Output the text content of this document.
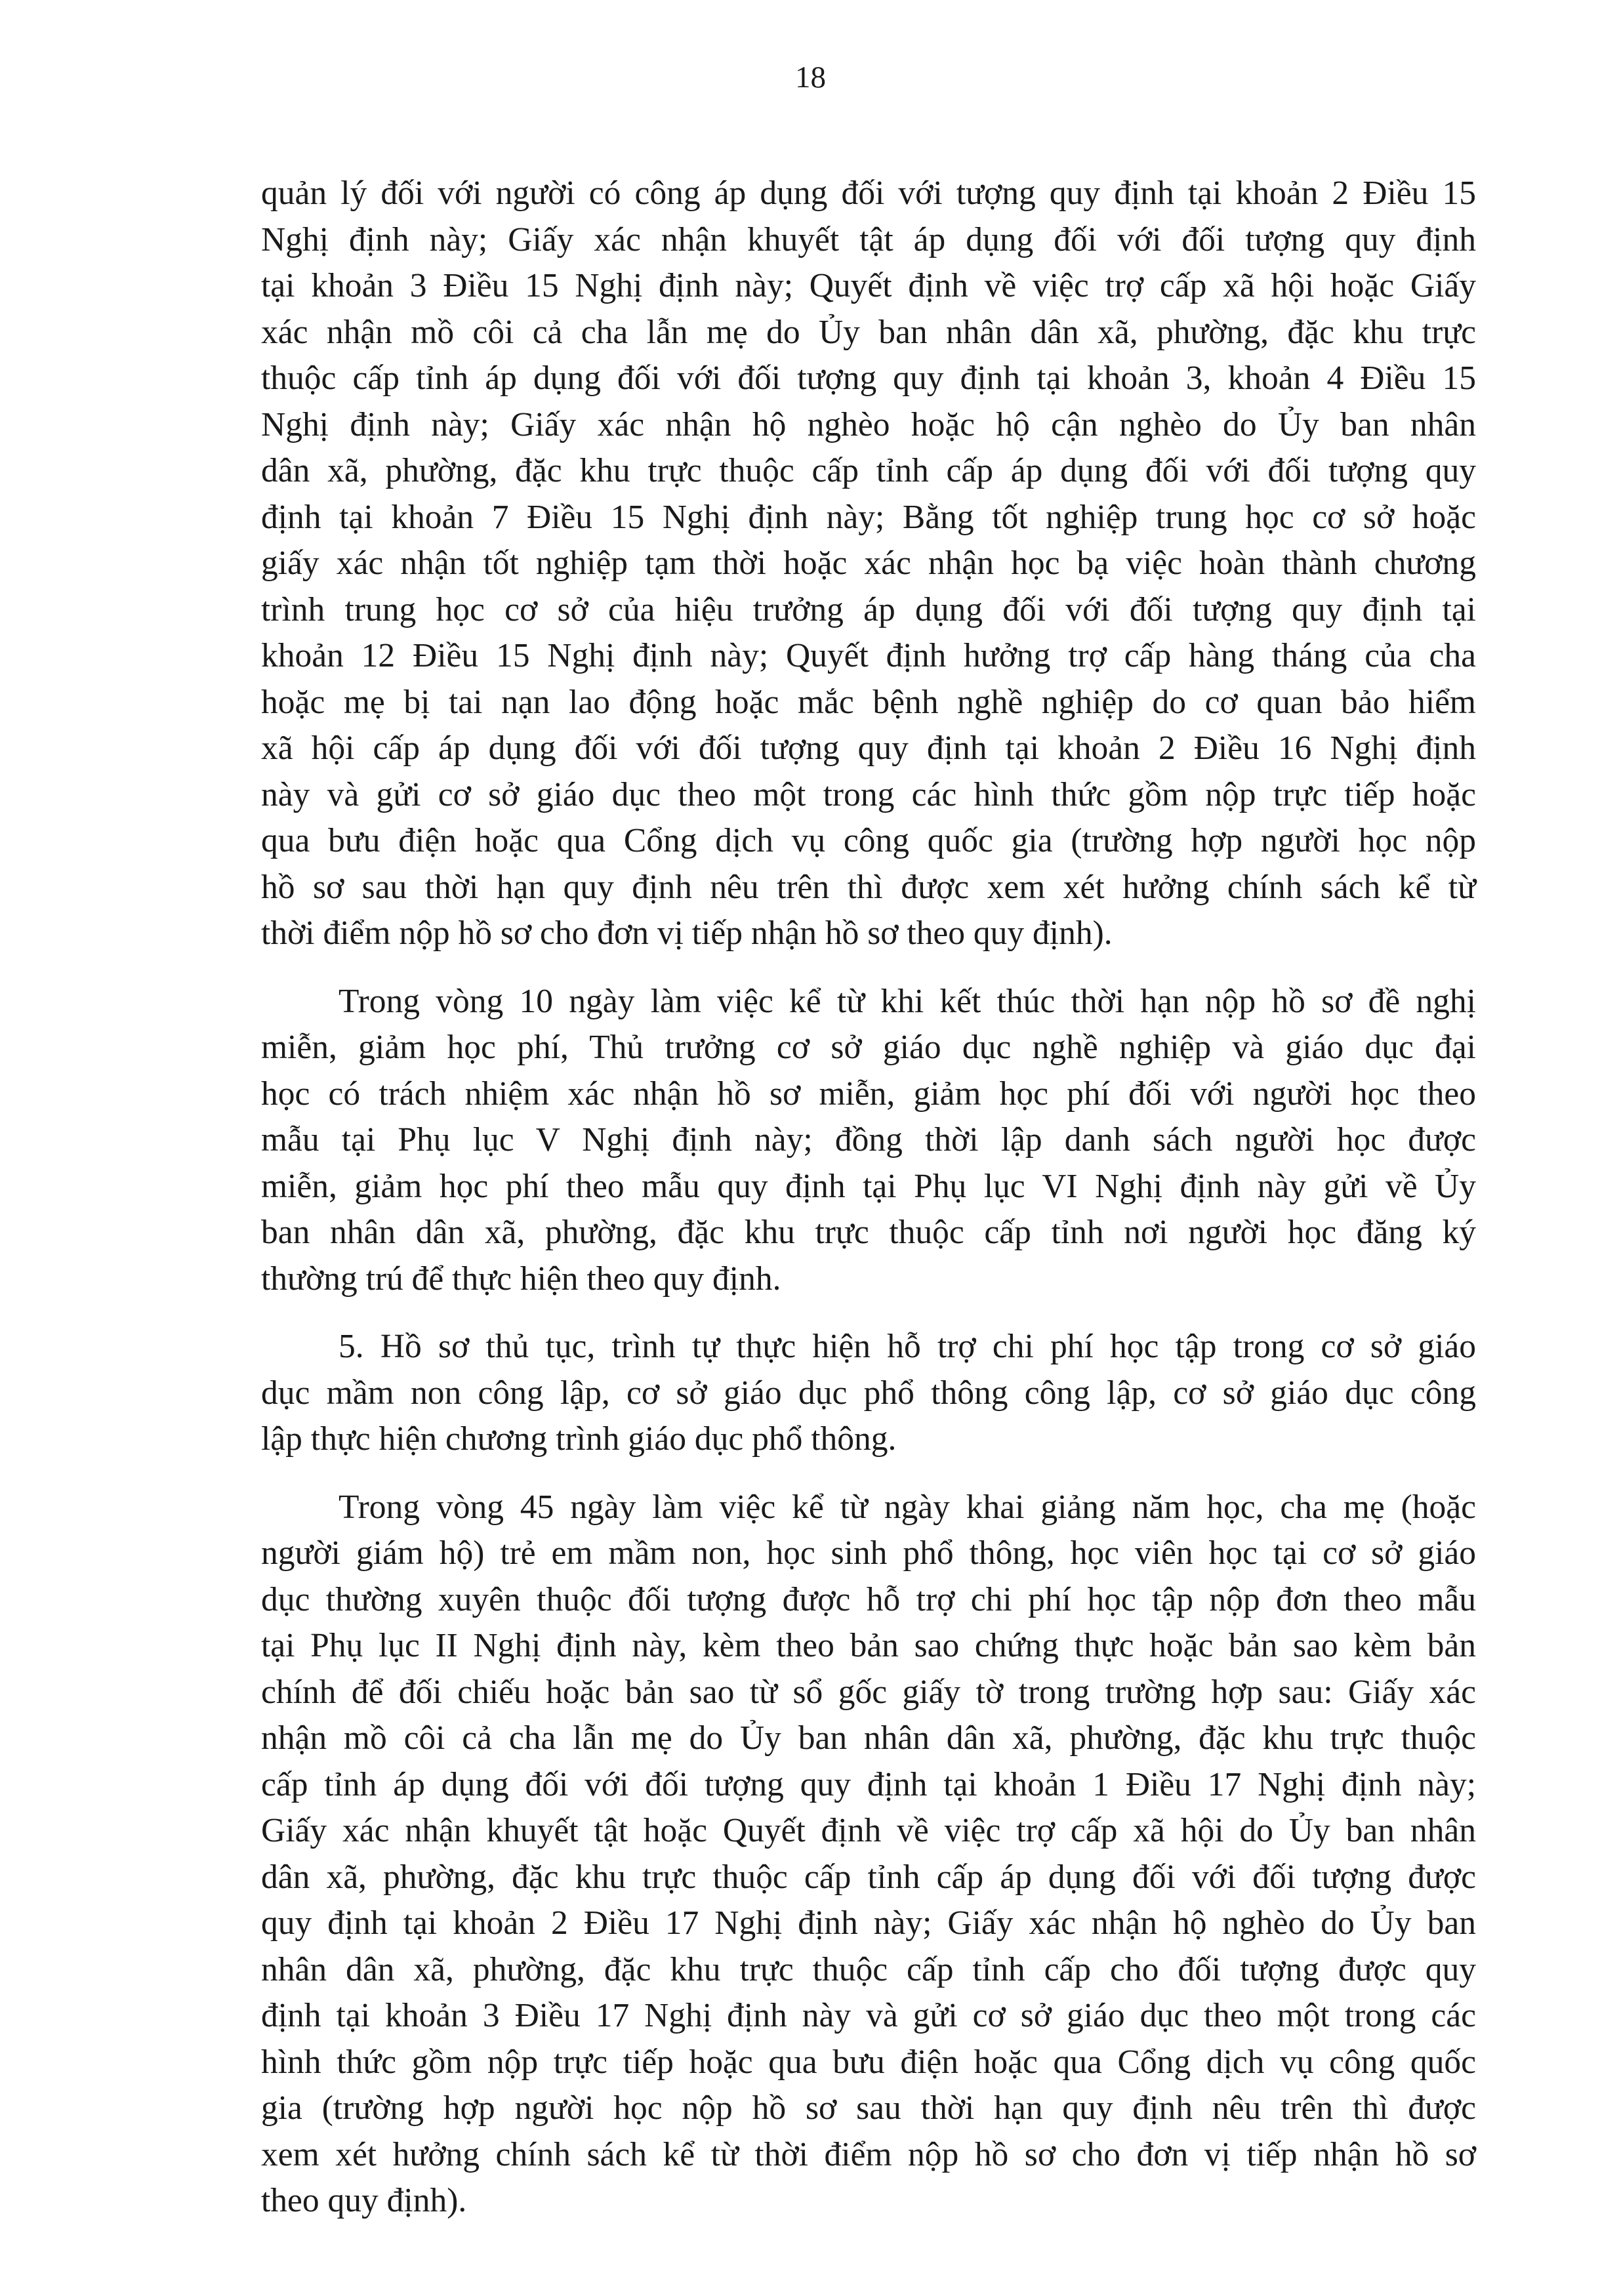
18
quản lý đối với người có công áp dụng đối với tượng quy định tại khoản 2 Điều 15
Nghị định này; Giấy xác nhận khuyết tật áp dụng đối với đối tượng quy định
tại khoản 3 Điều 15 Nghị định này; Quyết định về việc trợ cấp xã hội hoặc Giấy
xác nhận mồ côi cả cha lẫn mẹ do Ủy ban nhân dân xã, phường, đặc khu trực
thuộc cấp tỉnh áp dụng đối với đối tượng quy định tại khoản 3, khoản 4 Điều 15
Nghị định này; Giấy xác nhận hộ nghèo hoặc hộ cận nghèo do Ủy ban nhân
dân xã, phường, đặc khu trực thuộc cấp tỉnh cấp áp dụng đối với đối tượng quy
định tại khoản 7 Điều 15 Nghị định này; Bằng tốt nghiệp trung học cơ sở hoặc
giấy xác nhận tốt nghiệp tạm thời hoặc xác nhận học bạ việc hoàn thành chương
trình trung học cơ sở của hiệu trưởng áp dụng đối với đối tượng quy định tại
khoản 12 Điều 15 Nghị định này; Quyết định hưởng trợ cấp hàng tháng của cha
hoặc mẹ bị tai nạn lao động hoặc mắc bệnh nghề nghiệp do cơ quan bảo hiểm
xã hội cấp áp dụng đối với đối tượng quy định tại khoản 2 Điều 16 Nghị định
này và gửi cơ sở giáo dục theo một trong các hình thức gồm nộp trực tiếp hoặc
qua bưu điện hoặc qua Cổng dịch vụ công quốc gia (trường hợp người học nộp
hồ sơ sau thời hạn quy định nêu trên thì được xem xét hưởng chính sách kể từ
thời điểm nộp hồ sơ cho đơn vị tiếp nhận hồ sơ theo quy định).
Trong vòng 10 ngày làm việc kể từ khi kết thúc thời hạn nộp hồ sơ đề nghị
miễn, giảm học phí, Thủ trưởng cơ sở giáo dục nghề nghiệp và giáo dục đại
học có trách nhiệm xác nhận hồ sơ miễn, giảm học phí đối với người học theo
mẫu tại Phụ lục V Nghị định này; đồng thời lập danh sách người học được
miễn, giảm học phí theo mẫu quy định tại Phụ lục VI Nghị định này gửi về Ủy
ban nhân dân xã, phường, đặc khu trực thuộc cấp tỉnh nơi người học đăng ký
thường trú để thực hiện theo quy định.
5. Hồ sơ thủ tục, trình tự thực hiện hỗ trợ chi phí học tập trong cơ sở giáo
dục mầm non công lập, cơ sở giáo dục phổ thông công lập, cơ sở giáo dục công
lập thực hiện chương trình giáo dục phổ thông.
Trong vòng 45 ngày làm việc kể từ ngày khai giảng năm học, cha mẹ (hoặc
người giám hộ) trẻ em mầm non, học sinh phổ thông, học viên học tại cơ sở giáo
dục thường xuyên thuộc đối tượng được hỗ trợ chi phí học tập nộp đơn theo mẫu
tại Phụ lục II Nghị định này, kèm theo bản sao chứng thực hoặc bản sao kèm bản
chính để đối chiếu hoặc bản sao từ sổ gốc giấy tờ trong trường hợp sau: Giấy xác
nhận mồ côi cả cha lẫn mẹ do Ủy ban nhân dân xã, phường, đặc khu trực thuộc
cấp tỉnh áp dụng đối với đối tượng quy định tại khoản 1 Điều 17 Nghị định này;
Giấy xác nhận khuyết tật hoặc Quyết định về việc trợ cấp xã hội do Ủy ban nhân
dân xã, phường, đặc khu trực thuộc cấp tỉnh cấp áp dụng đối với đối tượng được
quy định tại khoản 2 Điều 17 Nghị định này; Giấy xác nhận hộ nghèo do Ủy ban
nhân dân xã, phường, đặc khu trực thuộc cấp tỉnh cấp cho đối tượng được quy
định tại khoản 3 Điều 17 Nghị định này và gửi cơ sở giáo dục theo một trong các
hình thức gồm nộp trực tiếp hoặc qua bưu điện hoặc qua Cổng dịch vụ công quốc
gia (trường hợp người học nộp hồ sơ sau thời hạn quy định nêu trên thì được
xem xét hưởng chính sách kể từ thời điểm nộp hồ sơ cho đơn vị tiếp nhận hồ sơ
theo quy định).
